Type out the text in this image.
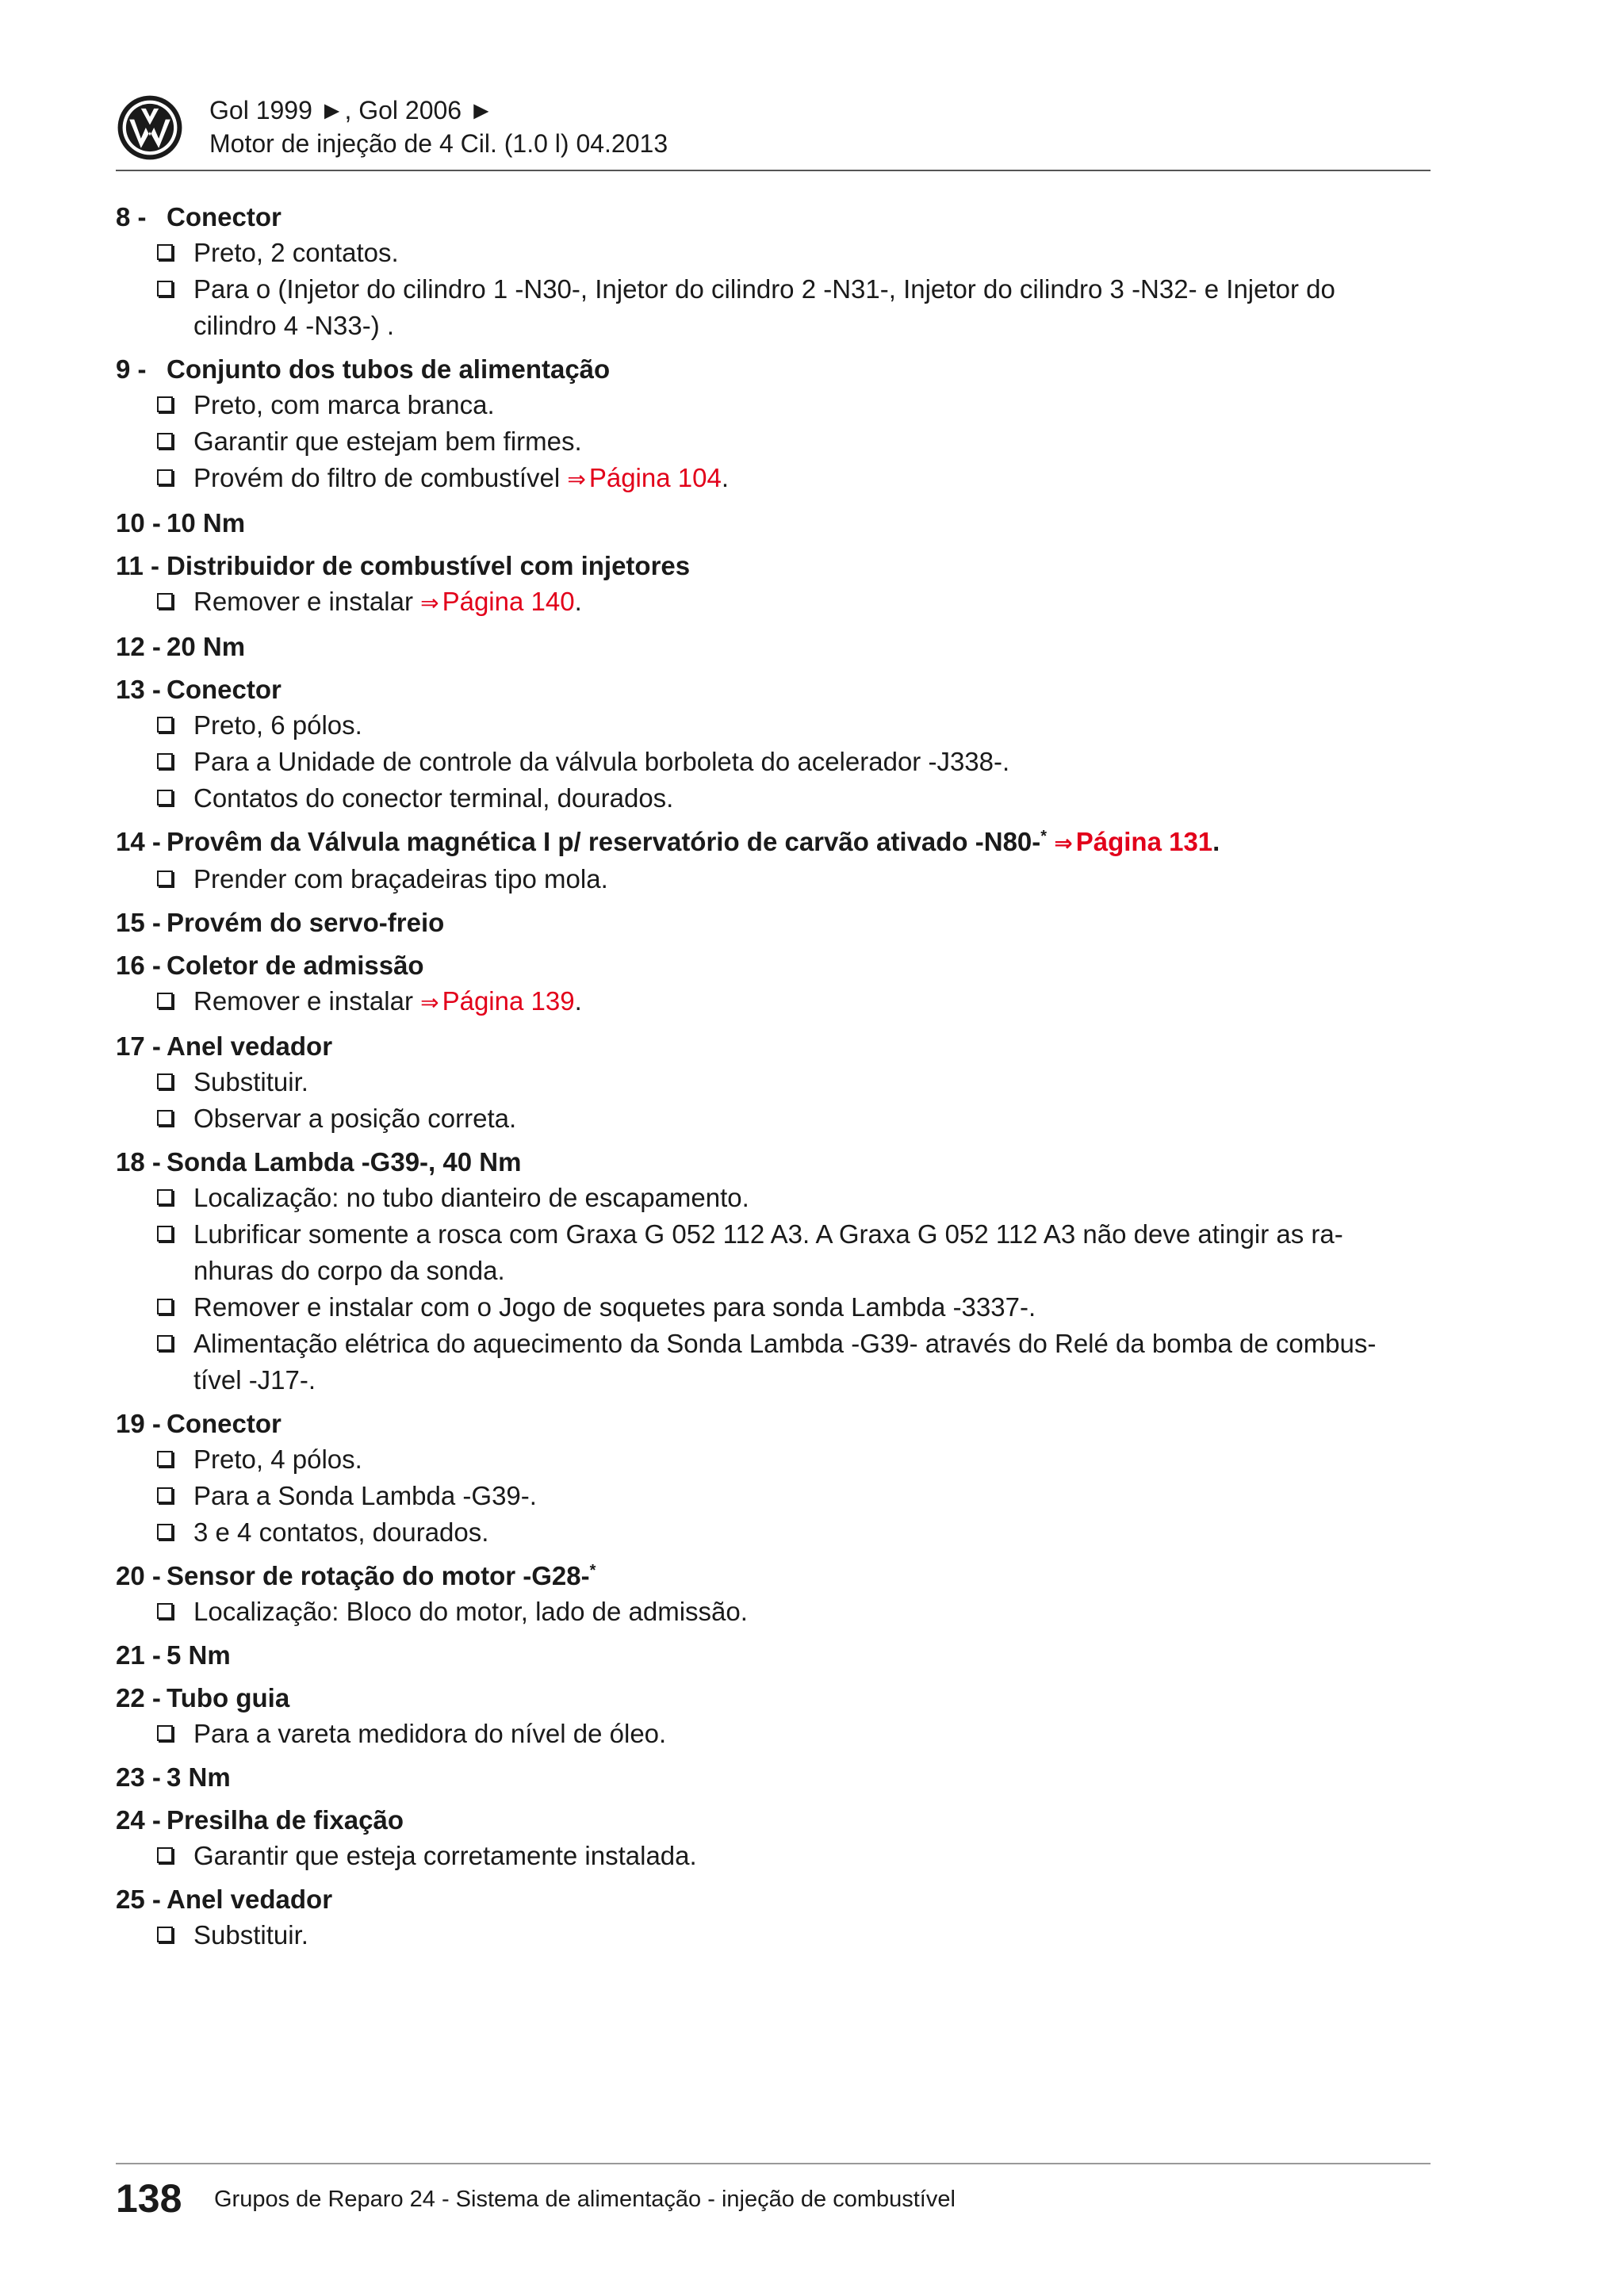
Gol 1999 ►, Gol 2006 ►
Motor de injeção de 4 Cil. (1.0 l) 04.2013
8 - Conector
Preto, 2 contatos.
Para o (Injetor do cilindro 1 -N30-, Injetor do cilindro 2 -N31-, Injetor do cilindro 3 -N32- e Injetor do cilindro 4 -N33-) .
9 - Conjunto dos tubos de alimentação
Preto, com marca branca.
Garantir que estejam bem firmes.
Provém do filtro de combustível ⇒ Página 104.
10 - 10 Nm
11 - Distribuidor de combustível com injetores
Remover e instalar ⇒ Página 140.
12 - 20 Nm
13 - Conector
Preto, 6 pólos.
Para a Unidade de controle da válvula borboleta do acelerador -J338-.
Contatos do conector terminal, dourados.
14 - Provêm da Válvula magnética I p/ reservatório de carvão ativado -N80-* ⇒ Página 131.
Prender com braçadeiras tipo mola.
15 - Provém do servo-freio
16 - Coletor de admissão
Remover e instalar ⇒ Página 139.
17 - Anel vedador
Substituir.
Observar a posição correta.
18 - Sonda Lambda -G39-, 40 Nm
Localização: no tubo dianteiro de escapamento.
Lubrificar somente a rosca com Graxa G 052 112 A3. A Graxa G 052 112 A3 não deve atingir as ranhuras do corpo da sonda.
Remover e instalar com o Jogo de soquetes para sonda Lambda -3337-.
Alimentação elétrica do aquecimento da Sonda Lambda -G39- através do Relé da bomba de combustível -J17-.
19 - Conector
Preto, 4 pólos.
Para a Sonda Lambda -G39-.
3 e 4 contatos, dourados.
20 - Sensor de rotação do motor -G28-*
Localização: Bloco do motor, lado de admissão.
21 - 5 Nm
22 - Tubo guia
Para a vareta medidora do nível de óleo.
23 - 3 Nm
24 - Presilha de fixação
Garantir que esteja corretamente instalada.
25 - Anel vedador
Substituir.
138 Grupos de Reparo 24 - Sistema de alimentação - injeção de combustível
